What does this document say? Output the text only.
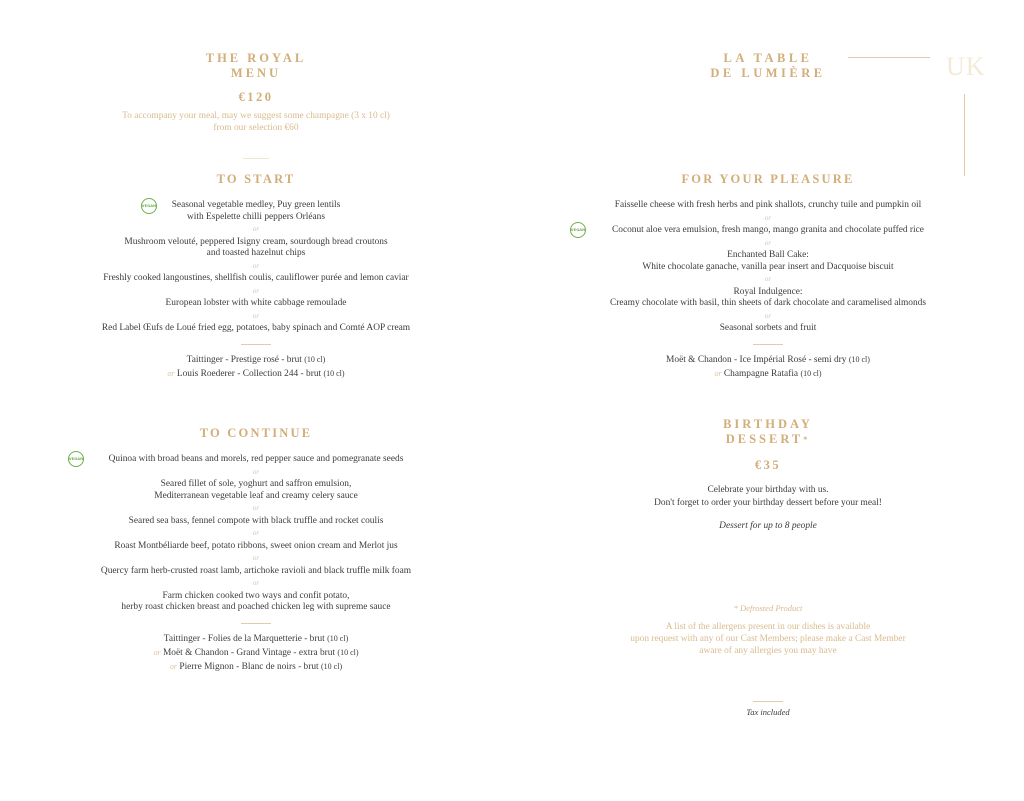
THE ROYAL
MENU
€120
To accompany your meal, may we suggest some champagne (3 x 10 cl)
from our selection €60
TO START
Seasonal vegetable medley, Puy green lentils
with Espelette chilli peppers Orléans
or
Mushroom velouté, peppered Isigny cream, sourdough bread croutons
and toasted hazelnut chips
or
Freshly cooked langoustines, shellfish coulis, cauliflower purée and lemon caviar
or
European lobster with white cabbage remoulade
or
Red Label Œufs de Loué fried egg, potatoes, baby spinach and Comté AOP cream
Taittinger - Prestige rosé - brut (10 cl)
or Louis Roederer - Collection 244 - brut (10 cl)
VEGAN
TO CONTINUE
Quinoa with broad beans and morels, red pepper sauce and pomegranate seeds
or
Seared fillet of sole, yoghurt and saffron emulsion,
Mediterranean vegetable leaf and creamy celery sauce
or
Seared sea bass, fennel compote with black truffle and rocket coulis
or
Roast Montbéliarde beef, potato ribbons, sweet onion cream and Merlot jus
or
Quercy farm herb-crusted roast lamb, artichoke ravioli and black truffle milk foam
or
Farm chicken cooked two ways and confit potato,
herby roast chicken breast and poached chicken leg with supreme sauce
Taittinger - Folies de la Marquetterie - brut (10 cl)
or Moët & Chandon - Grand Vintage - extra brut (10 cl)
or Pierre Mignon - Blanc de noirs - brut (10 cl)
VEGAN
LA TABLE
DE LUMIÈRE	UK
FOR YOUR PLEASURE
Faisselle cheese with fresh herbs and pink shallots, crunchy tuile and pumpkin oil
or
Coconut aloe vera emulsion, fresh mango, mango granita and chocolate puffed rice
or
Enchanted Ball Cake:
White chocolate ganache, vanilla pear insert and Dacquoise biscuit
or
Royal Indulgence:
Creamy chocolate with basil, thin sheets of dark chocolate and caramelised almonds
or
Seasonal sorbets and fruit
Moët & Chandon - Ice Impérial Rosé - semi dry (10 cl)
or Champagne Ratafia (10 cl)
VEGAN
BIRTHDAY
DESSERT*
€35
Celebrate your birthday with us.
Don't forget to order your birthday dessert before your meal!
Dessert for up to 8 people
* Defrosted Product
A list of the allergens present in our dishes is available
upon request with any of our Cast Members; please make a Cast Member
aware of any allergies you may have
Tax included
